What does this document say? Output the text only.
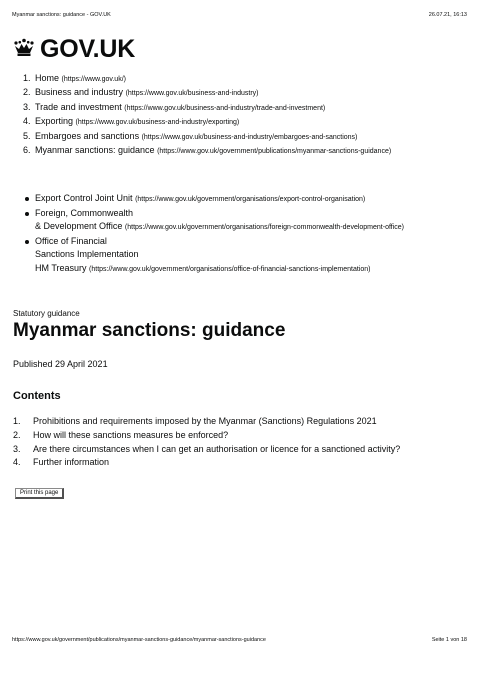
Myanmar sanctions: guidance - GOV.UK	26.07.21, 16:13
GOV.UK
1. Home (https://www.gov.uk/)
2. Business and industry (https://www.gov.uk/business-and-industry)
3. Trade and investment (https://www.gov.uk/business-and-industry/trade-and-investment)
4. Exporting (https://www.gov.uk/business-and-industry/exporting)
5. Embargoes and sanctions (https://www.gov.uk/business-and-industry/embargoes-and-sanctions)
6. Myanmar sanctions: guidance (https://www.gov.uk/government/publications/myanmar-sanctions-guidance)
Export Control Joint Unit (https://www.gov.uk/government/organisations/export-control-organisation)
Foreign, Commonwealth
& Development Office (https://www.gov.uk/government/organisations/foreign-commonwealth-development-office)
Office of Financial
Sanctions Implementation
HM Treasury (https://www.gov.uk/government/organisations/office-of-financial-sanctions-implementation)
Statutory guidance
Myanmar sanctions: guidance
Published 29 April 2021
Contents
1.	Prohibitions and requirements imposed by the Myanmar (Sanctions) Regulations 2021
2.	How will these sanctions measures be enforced?
3.	Are there circumstances when I can get an authorisation or licence for a sanctioned activity?
4.	Further information
Print this page
https://www.gov.uk/government/publications/myanmar-sanctions-guidance/myanmar-sanctions-guidance	Seite 1 von 18
